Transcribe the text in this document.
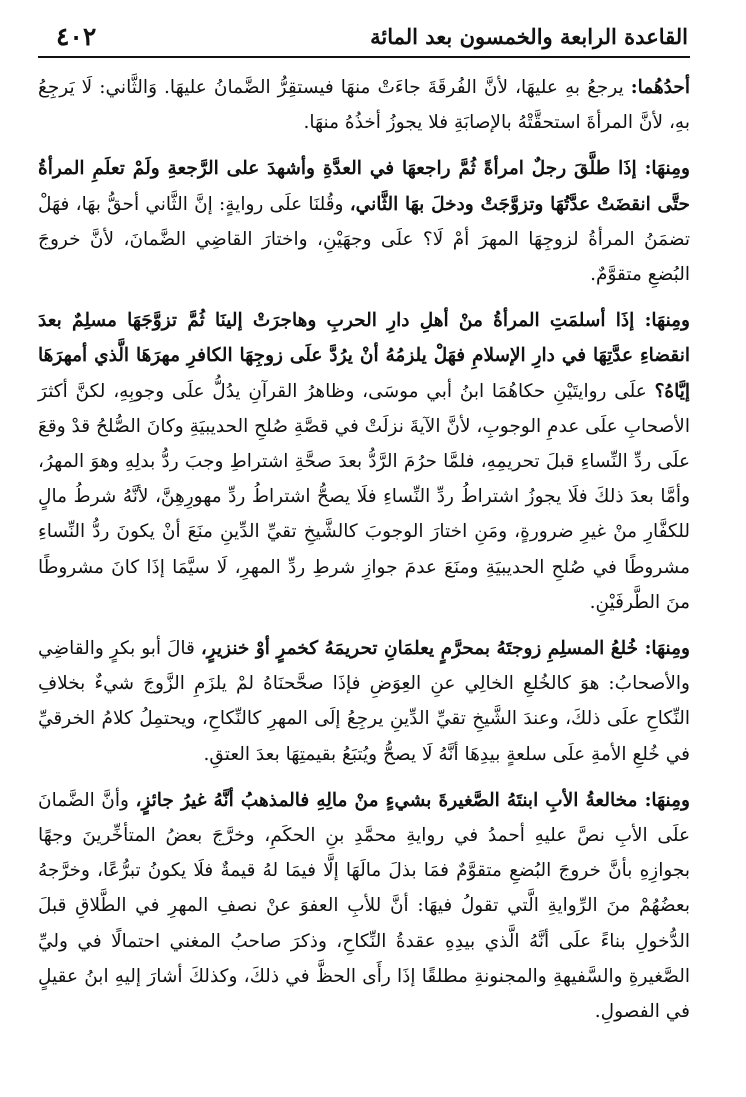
القاعدة الرابعة والخمسون بعد المائة
٤٠٢

أحدُهُما: يرجعُ بهِ عليهَا، لأنَّ الفُرقَةَ جاءَتْ منهَا فيستقِرُّ الضَّمانُ عليهَا. وَالثَّاني: لَا يَرجِعُ بهِ، لأنَّ المرأةَ استحقَّتْهُ بالإصابَةِ فلا يجوزُ أخذُهُ منهَا.

ومِنهَا: إذَا طلَّقَ رجلٌ امرأةً ثُمَّ راجعهَا في العدَّةِ وأشهدَ على الرَّجعةِ ولَمْ تعلَمِ المرأةُ حتَّى انقضَتْ عدَّتُهَا وتزوَّجَتْ ودخلَ بهَا الثَّاني، وقُلنَا علَى روايةٍ: إنَّ الثَّاني أحقُّ بهَا، فهَلْ تضمَنُ المرأةُ لزوجِهَا المهرَ أمْ لَا؟ علَى وجهَيْنِ، واختارَ القاضِي الضَّمانَ، لأنَّ خروجَ البُضعِ متقوَّمٌ.

ومِنهَا: إذَا أسلمَتِ المرأةُ منْ أهلِ دارِ الحربِ وهاجرَتْ إلينَا ثُمَّ تزوَّجَهَا مسلِمٌ بعدَ انقضاءِ عدَّتِهَا في دارِ الإسلامِ فهَلْ يلزمُهُ أنْ يرُدَّ علَى زوجِهَا الكافرِ مهرَهَا الَّذي أمهرَهَا إيَّاهُ؟ علَى روايتَيْنِ حكاهُمَا ابنُ أبي موسَى، وظاهرُ القرآنِ يدُلُّ علَى وجوبِهِ، لكنَّ أكثرَ الأصحابِ علَى عدمِ الوجوبِ، لأنَّ الآيةَ نزلَتْ في قصَّةِ صُلحِ الحديبيَةِ وكانَ الصُّلحُ قدْ وقعَ علَى ردِّ النِّساءِ قبلَ تحريمِهِ، فلمَّا حرُمَ الرَّدُّ بعدَ صحَّةِ اشتراطِ وجبَ ردُّ بدلِهِ وهوَ المهرُ، وأمَّا بعدَ ذلكَ فلَا يجوزُ اشتراطُ ردِّ النِّساءِ فلَا يصحُّ اشتراطُ ردِّ مهورِهِنَّ، لأنَّهُ شرطُ مالٍ للكفَّارِ منْ غيرِ ضرورةٍ، ومَنِ اختارَ الوجوبَ كالشَّيخِ تقيِّ الدِّينِ منَعَ أنْ يكونَ ردُّ النِّساءِ مشروطًا في صُلحِ الحديبيَةِ ومنَعَ عدمَ جوازِ شرطِ ردِّ المهرِ، لَا سيَّمَا إذَا كانَ مشروطًا منَ الطَّرفَيْنِ.

ومِنهَا: خُلعُ المسلِمِ زوجتَهُ بمحرَّمٍ يعلمَانِ تحريمَهُ كخمرٍ أوْ خنزيرٍ، قالَ أبو بكرٍ والقاضِي والأصحابُ: هوَ كالخُلعِ الخالِي عنِ العِوَضِ فإذَا صحَّحنَاهُ لمْ يلزَمِ الزَّوجَ شيءٌ بخلافِ النِّكاحِ علَى ذلكَ، وعندَ الشَّيخِ تقيِّ الدِّينِ يرجِعُ إلَى المهرِ كالنِّكاحِ، ويحتمِلُ كلامُ الخرقيِّ في خُلعِ الأمةِ علَى سلعةٍ بيدِهَا أنَّهُ لَا يصحُّ ويُتبَعُ بقيمتِهَا بعدَ العتقِ.

ومِنهَا: مخالعةُ الأبِ ابنتَهُ الصَّغيرةَ بشيءٍ منْ مالِهِ فالمذهبُ أنَّهُ غيرُ جائزٍ، وأنَّ الضَّمانَ علَى الأبِ نصَّ عليهِ أحمدُ في روايةِ محمَّدِ بنِ الحكَمِ، وخرَّجَ بعضُ المتأخِّرينَ وجهًا بجوازِهِ بأنَّ خروجَ البُضعِ متقوَّمٌ فمَا بذلَ مالَهَا إلَّا فيمَا لهُ قيمةٌ فلَا يكونُ تبرُّعًا، وخرَّجهُ بعضُهُمْ منَ الرِّوايةِ الَّتي تقولُ فيهَا: أنَّ للأبِ العفوَ عنْ نصفِ المهرِ في الطَّلاقِ قبلَ الدُّخولِ بناءً علَى أنَّهُ الَّذي بيدِهِ عقدةُ النِّكاحِ، وذكرَ صاحبُ المغني احتمالًا في وليِّ الصَّغيرةِ والسَّفيهةِ والمجنونةِ مطلقًا إذَا رأَى الحظَّ في ذلكَ، وكذلكَ أشارَ إليهِ ابنُ عقيلٍ في الفصولِ.
